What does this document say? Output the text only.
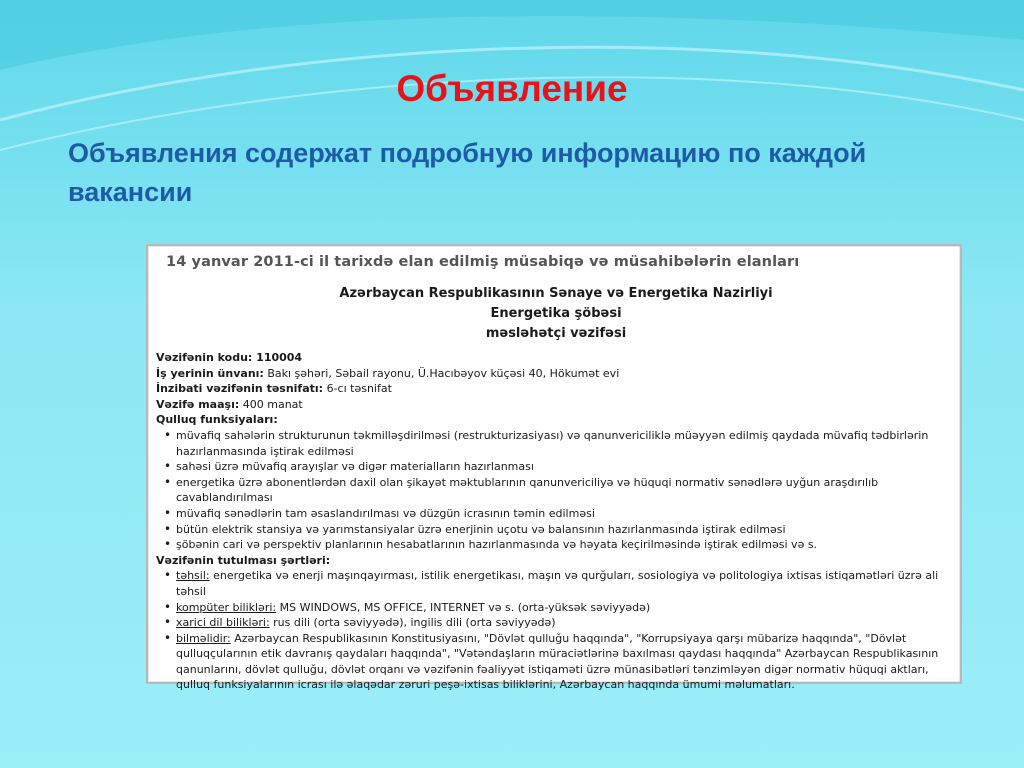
Объявление
Объявления содержат подробную информацию по каждой вакансии
14 yanvar 2011-ci il tarixdə elan edilmiş müsabiqə və müsahibələrin elanları
Azərbaycan Respublikasının Sənaye və Energetika Nazirliyi
Energetika şöbəsi
məsləhətçi vəzifəsi
Vəzifənin kodu: 110004
İş yerinin ünvanı: Bakı şəhəri, Səbail rayonu, Ü.Hacıbəyov küçəsi 40, Hökumət evi
İnzibati vəzifənin təsnifatı: 6-cı təsnifat
Vəzifə maaşı: 400 manat
Qulluq funksiyaları:
• müvafiq sahələrin strukturunun təkmilləşdirilməsi (restrukturizasiyası) və qanunvericiliklə müəyyən edilmiş qaydada müvafiq tədbirlərin hazırlanmasında iştirak edilməsi
• sahəsi üzrə müvafiq arayışlar və digər materialların hazırlanması
• energetika üzrə abonentlərdən daxil olan şikayət məktublarının qanunvericiliyə və hüquqi normativ sənədlərə uyğun araşdırılıb cavablandırılması
• müvafiq sənədlərin tam əsaslandırılması və düzgün icrasının təmin edilməsi
• bütün elektrik stansiya və yarımstansiyalar üzrə enerjinin uçotu və balansının hazırlanmasında iştirak edilməsi
• şöbənin cari və perspektiv planlarının hesabatlarının hazırlanmasında və həyata keçirilməsində iştirak edilməsi və s.
Vəzifənin tutulması şərtləri:
• təhsil: energetika və enerji maşınqayırması, istilik energetikası, maşın və qurğuları, sosiologiya və politologiya ixtisas istiqamətləri üzrə ali təhsil
• kompüter bilikləri: MS WINDOWS, MS OFFICE, INTERNET və s. (orta-yüksək səviyyədə)
• xarici dil bilikləri: rus dili (orta səviyyədə), ingilis dili (orta səviyyədə)
• bilməlidir: Azərbaycan Respublikasının Konstitusiyasını, "Dövlət qulluğu haqqında", "Korrupsiyaya qarşı mübarizə haqqında", "Dövlət qulluqçularının etik davranış qaydaları haqqında", "Vətəndaşların müraciətlərinə baxılması qaydası haqqında" Azərbaycan Respublikasının qanunlarını, dövlət qulluğu, dövlət orqanı və vəzifənin fəaliyyət istiqaməti üzrə münasibətləri tənzimləyən digər normativ hüquqi aktları, qulluq funksiyalarının icrası ilə əlaqədar zəruri peşə-ixtisas biliklərini, Azərbaycan haqqında ümumi məlumatları.
